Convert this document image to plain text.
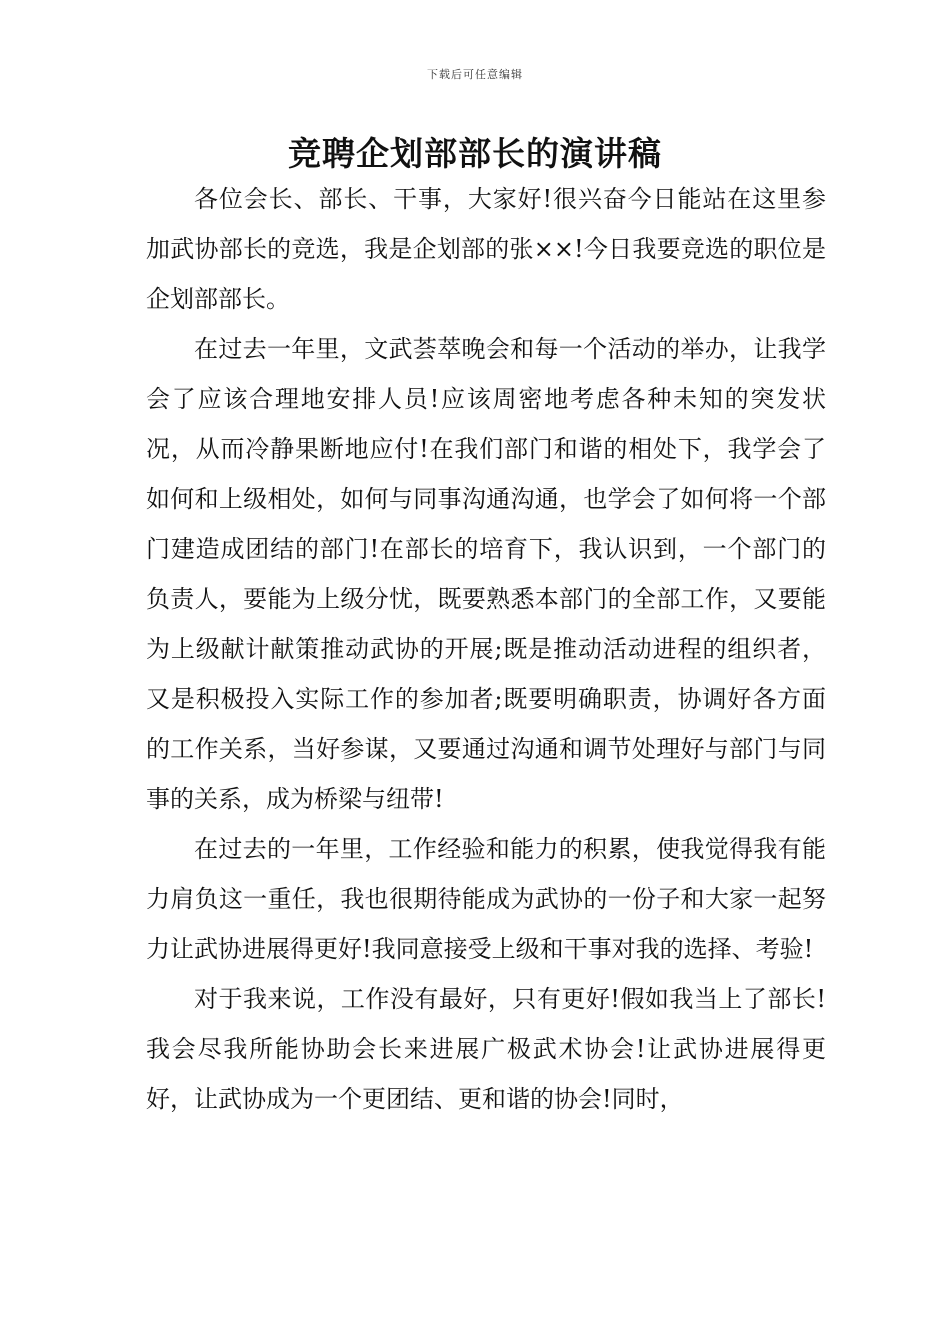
下载后可任意编辑
竞聘企划部部长的演讲稿

各位会长、部长、干事，大家好!很兴奋今日能站在这里参加武协部长的竞选，我是企划部的张××!今日我要竞选的职位是企划部部长。

在过去一年里，文武荟萃晚会和每一个活动的举办，让我学会了应该合理地安排人员!应该周密地考虑各种未知的突发状况，从而冷静果断地应付!在我们部门和谐的相处下，我学会了如何和上级相处，如何与同事沟通沟通，也学会了如何将一个部门建造成团结的部门!在部长的培育下，我认识到，一个部门的负责人，要能为上级分忧，既要熟悉本部门的全部工作，又要能为上级献计献策推动武协的开展;既是推动活动进程的组织者，又是积极投入实际工作的参加者;既要明确职责，协调好各方面的工作关系，当好参谋，又要通过沟通和调节处理好与部门与同事的关系，成为桥梁与纽带!

在过去的一年里，工作经验和能力的积累，使我觉得我有能力肩负这一重任，我也很期待能成为武协的一份子和大家一起努力让武协进展得更好!我同意接受上级和干事对我的选择、考验!

对于我来说，工作没有最好，只有更好!假如我当上了部长!我会尽我所能协助会长来进展广极武术协会!让武协进展得更好，让武协成为一个更团结、更和谐的协会!同时，
